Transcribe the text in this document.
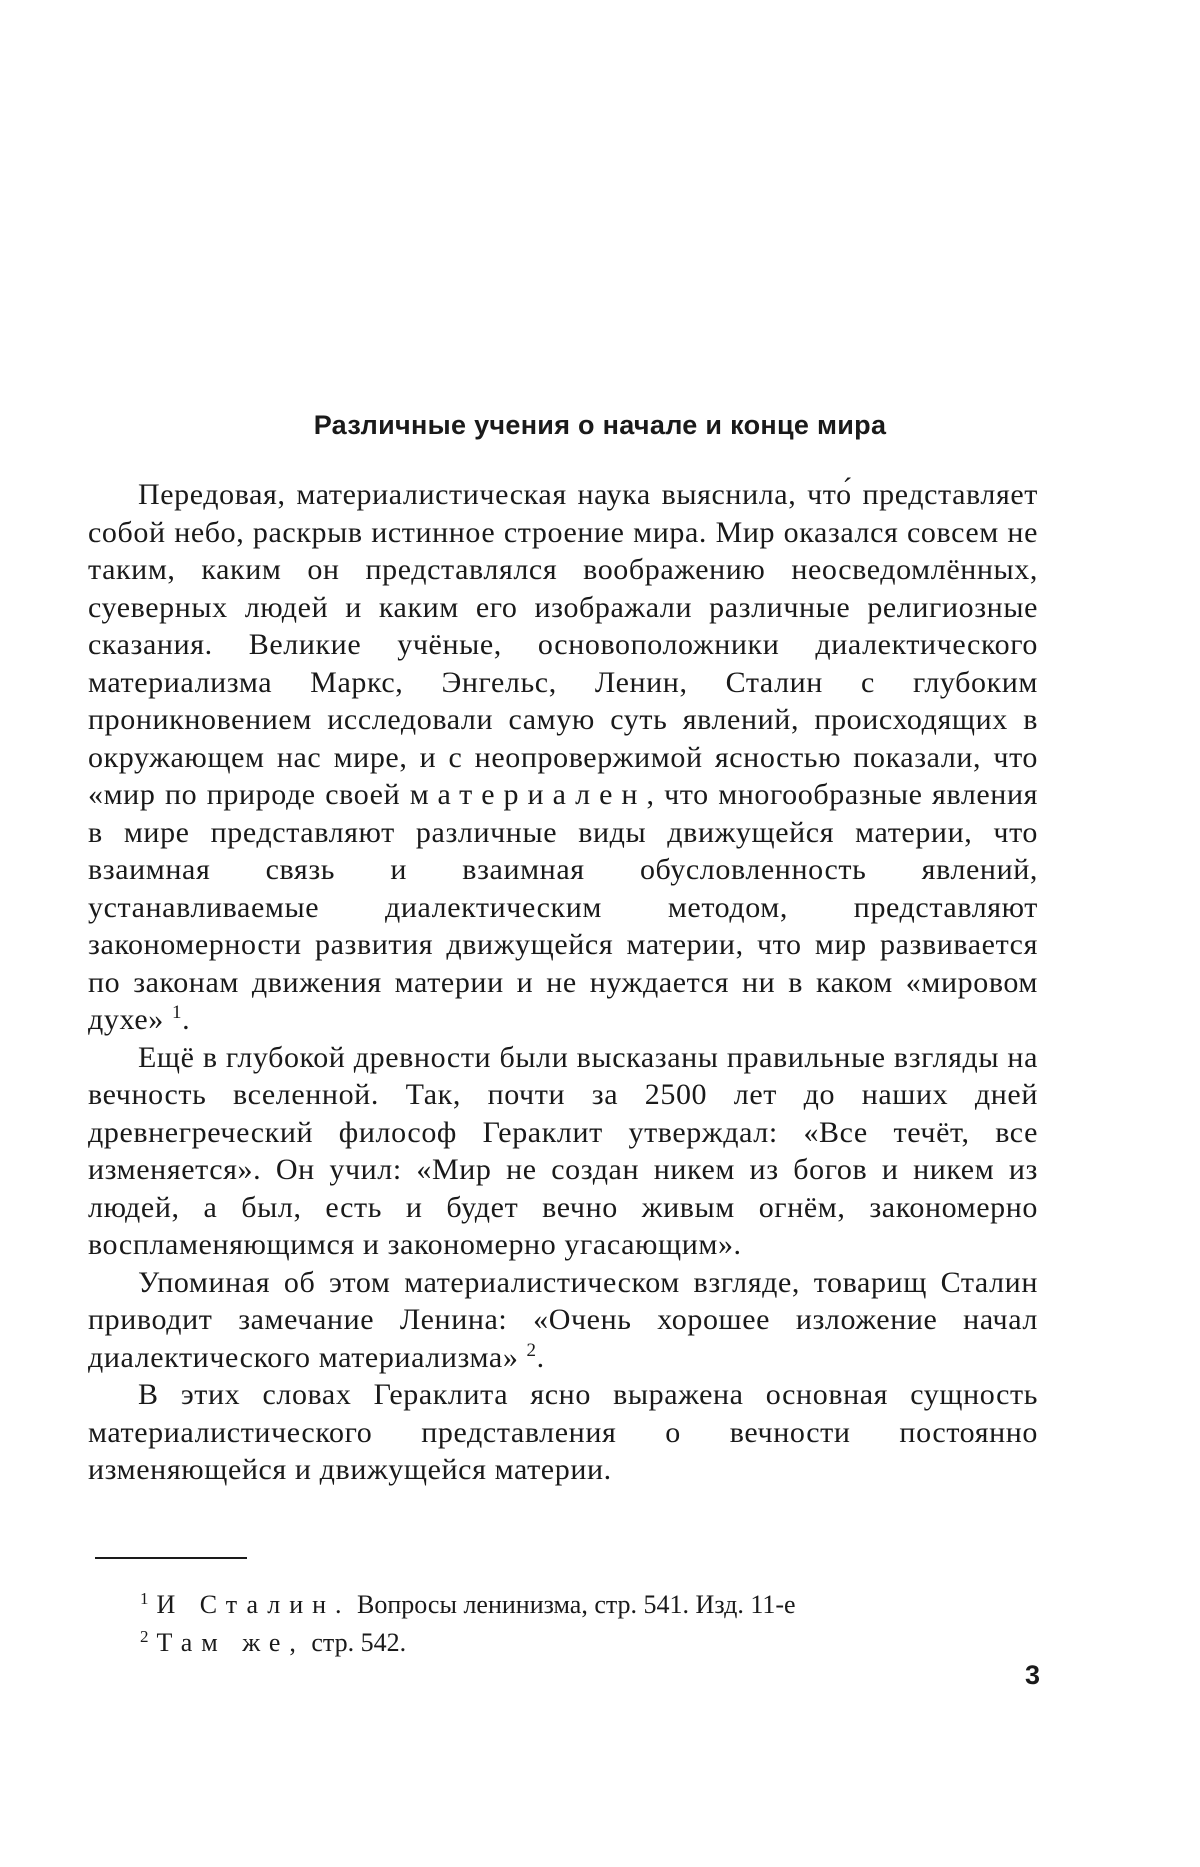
Различные учения о начале и конце мира

Передовая, материалистическая наука выяснила, что́ представляет собой небо, раскрыв истинное строение мира. Мир оказался совсем не таким, каким он представлялся воображению неосведомлённых, суеверных людей и каким его изображали различные религиозные сказания. Великие учёные, основоположники диалектического материализма Маркс, Энгельс, Ленин, Сталин с глубоким проникновением исследовали самую суть явлений, происходящих в окружающем нас мире, и с неопровержимой ясностью показали, что «мир по природе своей материален, что многообразные явления в мире представляют различные виды движущейся материи, что взаимная связь и взаимная обусловленность явлений, устанавливаемые диалектическим методом, представляют закономерности развития движущейся материи, что мир развивается по законам движения материи и не нуждается ни в каком «мировом духе» $^1$.

Ещё в глубокой древности были высказаны правильные взгляды на вечность вселенной. Так, почти за 2500 лет до наших дней древнегреческий философ Гераклит утверждал: «Все течёт, все изменяется». Он учил: «Мир не создан никем из богов и никем из людей, а был, есть и будет вечно живым огнём, закономерно воспламеняющимся и закономерно угасающим».

Упоминая об этом материалистическом взгляде, товарищ Сталин приводит замечание Ленина: «Очень хорошее изложение начал диалектического материализма» $^2$.

В этих словах Гераклита ясно выражена основная сущность материалистического представления о вечности постоянно изменяющейся и движущейся материи.

$^1$ И Сталин. Вопросы ленинизма, стр. 541. Изд. 11-е
$^2$ Там же, стр. 542.
3
